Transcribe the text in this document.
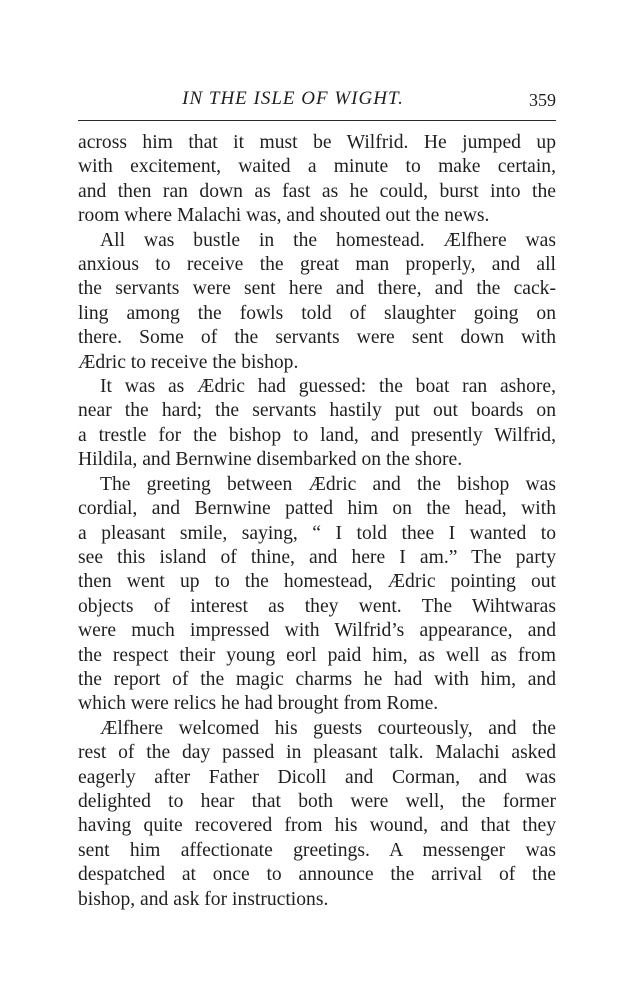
IN THE ISLE OF WIGHT.	359

across him that it must be Wilfrid. He jumped up
with excitement, waited a minute to make certain,
and then ran down as fast as he could, burst into the
room where Malachi was, and shouted out the news.

All was bustle in the homestead. Ælfhere was
anxious to receive the great man properly, and all
the servants were sent here and there, and the cack-
ling among the fowls told of slaughter going on
there. Some of the servants were sent down with
Ædric to receive the bishop.

It was as Ædric had guessed: the boat ran ashore,
near the hard; the servants hastily put out boards on
a trestle for the bishop to land, and presently Wilfrid,
Hildila, and Bernwine disembarked on the shore.

The greeting between Ædric and the bishop was
cordial, and Bernwine patted him on the head, with
a pleasant smile, saying, “ I told thee I wanted to
see this island of thine, and here I am.” The party
then went up to the homestead, Ædric pointing out
objects of interest as they went. The Wihtwaras
were much impressed with Wilfrid’s appearance, and
the respect their young eorl paid him, as well as from
the report of the magic charms he had with him, and
which were relics he had brought from Rome.

Ælfhere welcomed his guests courteously, and the
rest of the day passed in pleasant talk. Malachi asked
eagerly after Father Dicoll and Corman, and was
delighted to hear that both were well, the former
having quite recovered from his wound, and that they
sent him affectionate greetings. A messenger was
despatched at once to announce the arrival of the
bishop, and ask for instructions.
